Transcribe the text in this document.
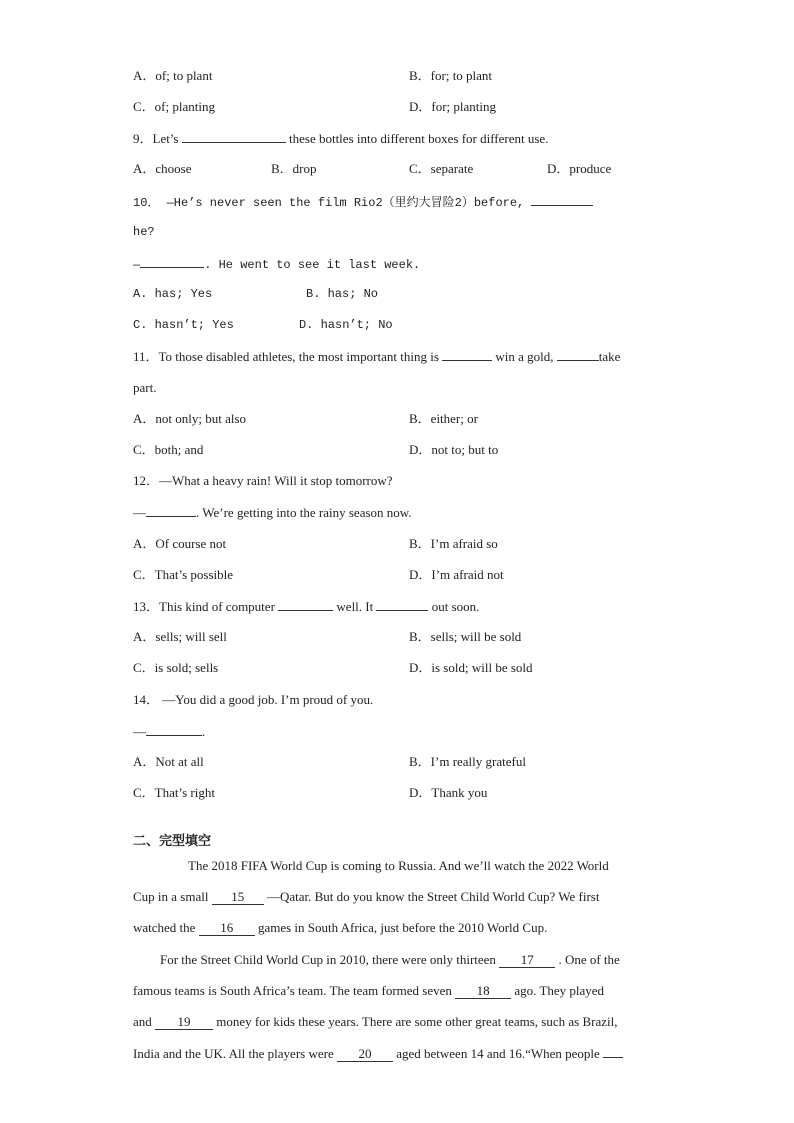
A．of; to plant	B．for; to plant
C．of; planting	D．for; planting
9．Let’s	these bottles into different boxes for different use.
A．choose	B．drop	C．separate	D．produce
10． —He’s never seen the film Rio2（里约大冒险2）before,
he?
—	. He went to see it last week.
A. has; Yes	B. has; No
C. hasn’t; Yes	D. hasn’t; No
11．To those disabled athletes, the most important thing is	win a gold,	take
part.
A．not only; but also	B．either; or
C．both; and	D．not to; but to
12．—What a heavy rain! Will it stop tomorrow?
—	. We’re getting into the rainy season now.
A．Of course not	B．I’m afraid so
C．That’s possible	D．I’m afraid not
13．This kind of computer	well. It	out soon.
A．sells; will sell	B．sells; will be sold
C．is sold; sells	D．is sold; will be sold
14． —You did a good job. I’m proud of you.
—	.
A．Not at all	B．I’m really grateful
C．That’s right	D．Thank you
二、完型填空
The 2018 FIFA World Cup is coming to Russia. And we’ll watch the 2022 World
Cup in a small 15 —Qatar. But do you know the Street Child World Cup? We first
watched the 16 games in South Africa, just before the 2010 World Cup.
For the Street Child World Cup in 2010, there were only thirteen 17 . One of the
famous teams is South Africa’s team. The team formed seven 18 ago. They played
and 19 money for kids these years. There are some other great teams, such as Brazil,
India and the UK. All the players were 20 aged between 14 and 16.“When people
